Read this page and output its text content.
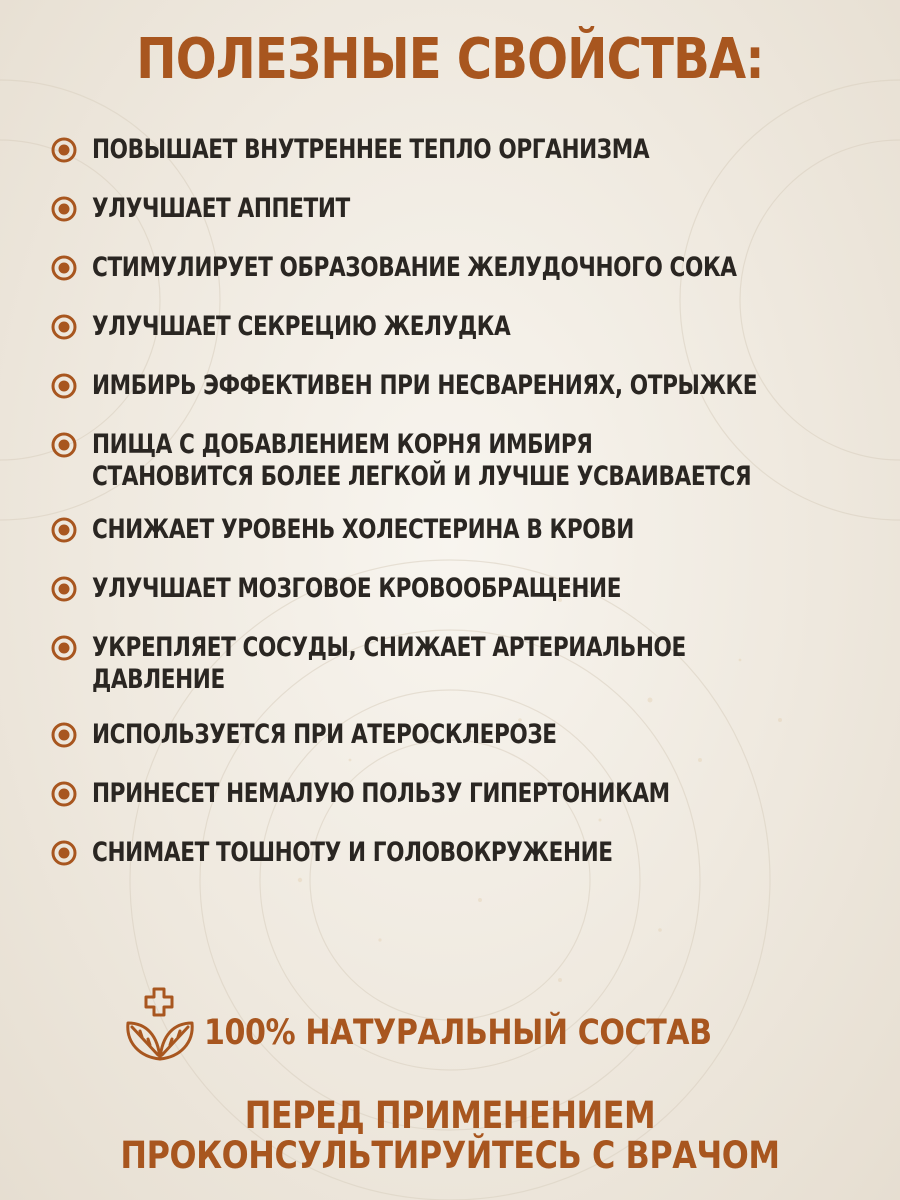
ПОЛЕЗНЫЕ СВОЙСТВА:
ПОВЫШАЕТ ВНУТРЕННЕЕ ТЕПЛО ОРГАНИЗМА
УЛУЧШАЕТ АППЕТИТ
СТИМУЛИРУЕТ ОБРАЗОВАНИЕ ЖЕЛУДОЧНОГО СОКА
УЛУЧШАЕТ СЕКРЕЦИЮ ЖЕЛУДКА
ИМБИРЬ ЭФФЕКТИВЕН ПРИ НЕСВАРЕНИЯХ, ОТРЫЖКЕ
ПИЩА С ДОБАВЛЕНИЕМ КОРНЯ ИМБИРЯ
СТАНОВИТСЯ БОЛЕЕ ЛЕГКОЙ И ЛУЧШЕ УСВАИВАЕТСЯ
СНИЖАЕТ УРОВЕНЬ ХОЛЕСТЕРИНА В КРОВИ
УЛУЧШАЕТ МОЗГОВОЕ КРОВООБРАЩЕНИЕ
УКРЕПЛЯЕТ СОСУДЫ, СНИЖАЕТ АРТЕРИАЛЬНОЕ
ДАВЛЕНИЕ
ИСПОЛЬЗУЕТСЯ ПРИ АТЕРОСКЛЕРОЗЕ
ПРИНЕСЕТ НЕМАЛУЮ ПОЛЬЗУ ГИПЕРТОНИКАМ
СНИМАЕТ ТОШНОТУ И ГОЛОВОКРУЖЕНИЕ
100% НАТУРАЛЬНЫЙ СОСТАВ
ПЕРЕД ПРИМЕНЕНИЕМ
ПРОКОНСУЛЬТИРУЙТЕСЬ С ВРАЧОМ
